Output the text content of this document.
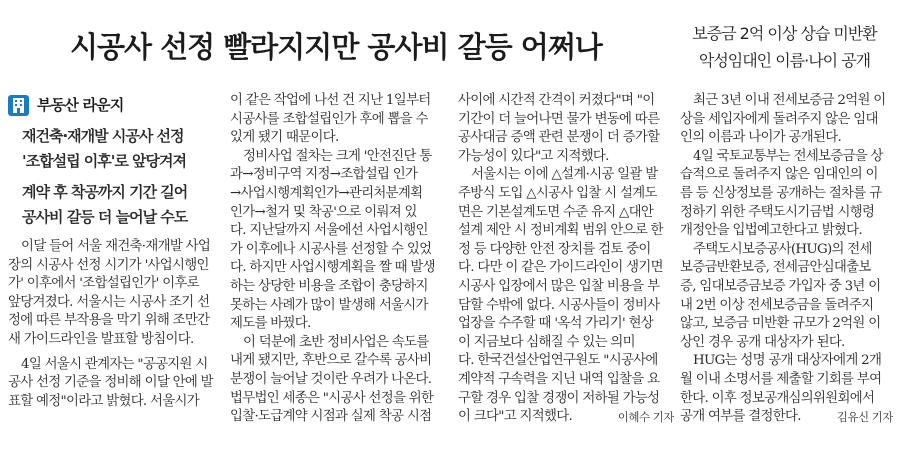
시공사 선정 빨라지지만 공사비 갈등 어쩌나	보증금 2억 이상 상습 미반환
악성임대인 이름·나이 공개
부동산 라운지

재건축·재개발 시공사 선정

'조합설립 이후'로 앞당겨져

계약 후 착공까지 기간 길어

공사비 갈등 더 늘어날 수도

이달 들어 서울 재건축·재개발 사업

장의 시공사 선정 시기가 '사업시행인

가' 이후에서 '조합설립인가' 이후로

앞당겨졌다. 서울시는 시공사 조기 선

정에 따른 부작용을 막기 위해 조만간

새 가이드라인을 발표할 방침이다.

4일 서울시 관계자는 "공공지원 시

공사 선정 기준을 정비해 이달 안에 발

표할 예정"이라고 밝혔다. 서울시가

이 같은 작업에 나선 건 지난 1일부터

시공사를 조합설립인가 후에 뽑을 수

있게 됐기 때문이다.

정비사업 절차는 크게 '안전진단 통

과→정비구역 지정→조합설립 인가

→사업시행계획인가→관리처분계획

인가→철거 및 착공'으로 이뤄져 있

다. 지난달까지 서울에선 사업시행인

가 이후에나 시공사를 선정할 수 있었

다. 하지만 사업시행계획을 짤 때 발생

하는 상당한 비용을 조합이 충당하지

못하는 사례가 많이 발생해 서울시가

제도를 바꿨다.

이 덕분에 초반 정비사업은 속도를

내게 됐지만, 후반으로 갈수록 공사비

분쟁이 늘어날 것이란 우려가 나온다.

법무법인 세종은 "시공사 선정을 위한

입찰·도급계약 시점과 실제 착공 시점

사이에 시간적 간격이 커졌다"며 "이

기간이 더 늘어나면 물가 변동에 따른

공사대금 증액 관련 분쟁이 더 증가할

가능성이 있다"고 지적했다.

서울시는 이에 △설계·시공 일괄 발

주방식 도입 △시공사 입찰 시 설계도

면은 기본설계도면 수준 유지 △대안

설계 제안 시 정비계획 범위 안으로 한

정 등 다양한 안전 장치를 검토 중이

다. 다만 이 같은 가이드라인이 생기면

시공사 입장에서 많은 입찰 비용을 부

담할 수밖에 없다. 시공사들이 정비사

업장을 수주할 때 '옥석 가리기' 현상

이 지금보다 심해질 수 있는 의미

다. 한국건설산업연구원도 "시공사에

계약적 구속력을 지닌 내역 입찰을 요

구할 경우 입찰 경쟁이 저하될 가능성

이 크다"고 지적했다.	이혜수 기자

최근 3년 이내 전세보증금 2억원 이

상을 세입자에게 돌려주지 않은 임대

인의 이름과 나이가 공개된다.

4일 국토교통부는 전세보증금을 상

습적으로 돌려주지 않은 임대인의 이

름 등 신상정보를 공개하는 절차를 규

정하기 위한 주택도시기금법 시행령

개정안을 입법예고한다고 밝혔다.

주택도시보증공사(HUG)의 전세

보증금반환보증, 전세금안심대출보

증, 임대보증금보증 가입자 중 3년 이

내 2번 이상 전세보증금을 돌려주지

않고, 보증금 미반환 규모가 2억원 이

상인 경우 공개 대상자가 된다.

HUG는 성명 공개 대상자에게 2개

월 이내 소명서를 제출할 기회를 부여

한다. 이후 정보공개심의위원회에서

공개 여부를 결정한다.	김유신 기자
